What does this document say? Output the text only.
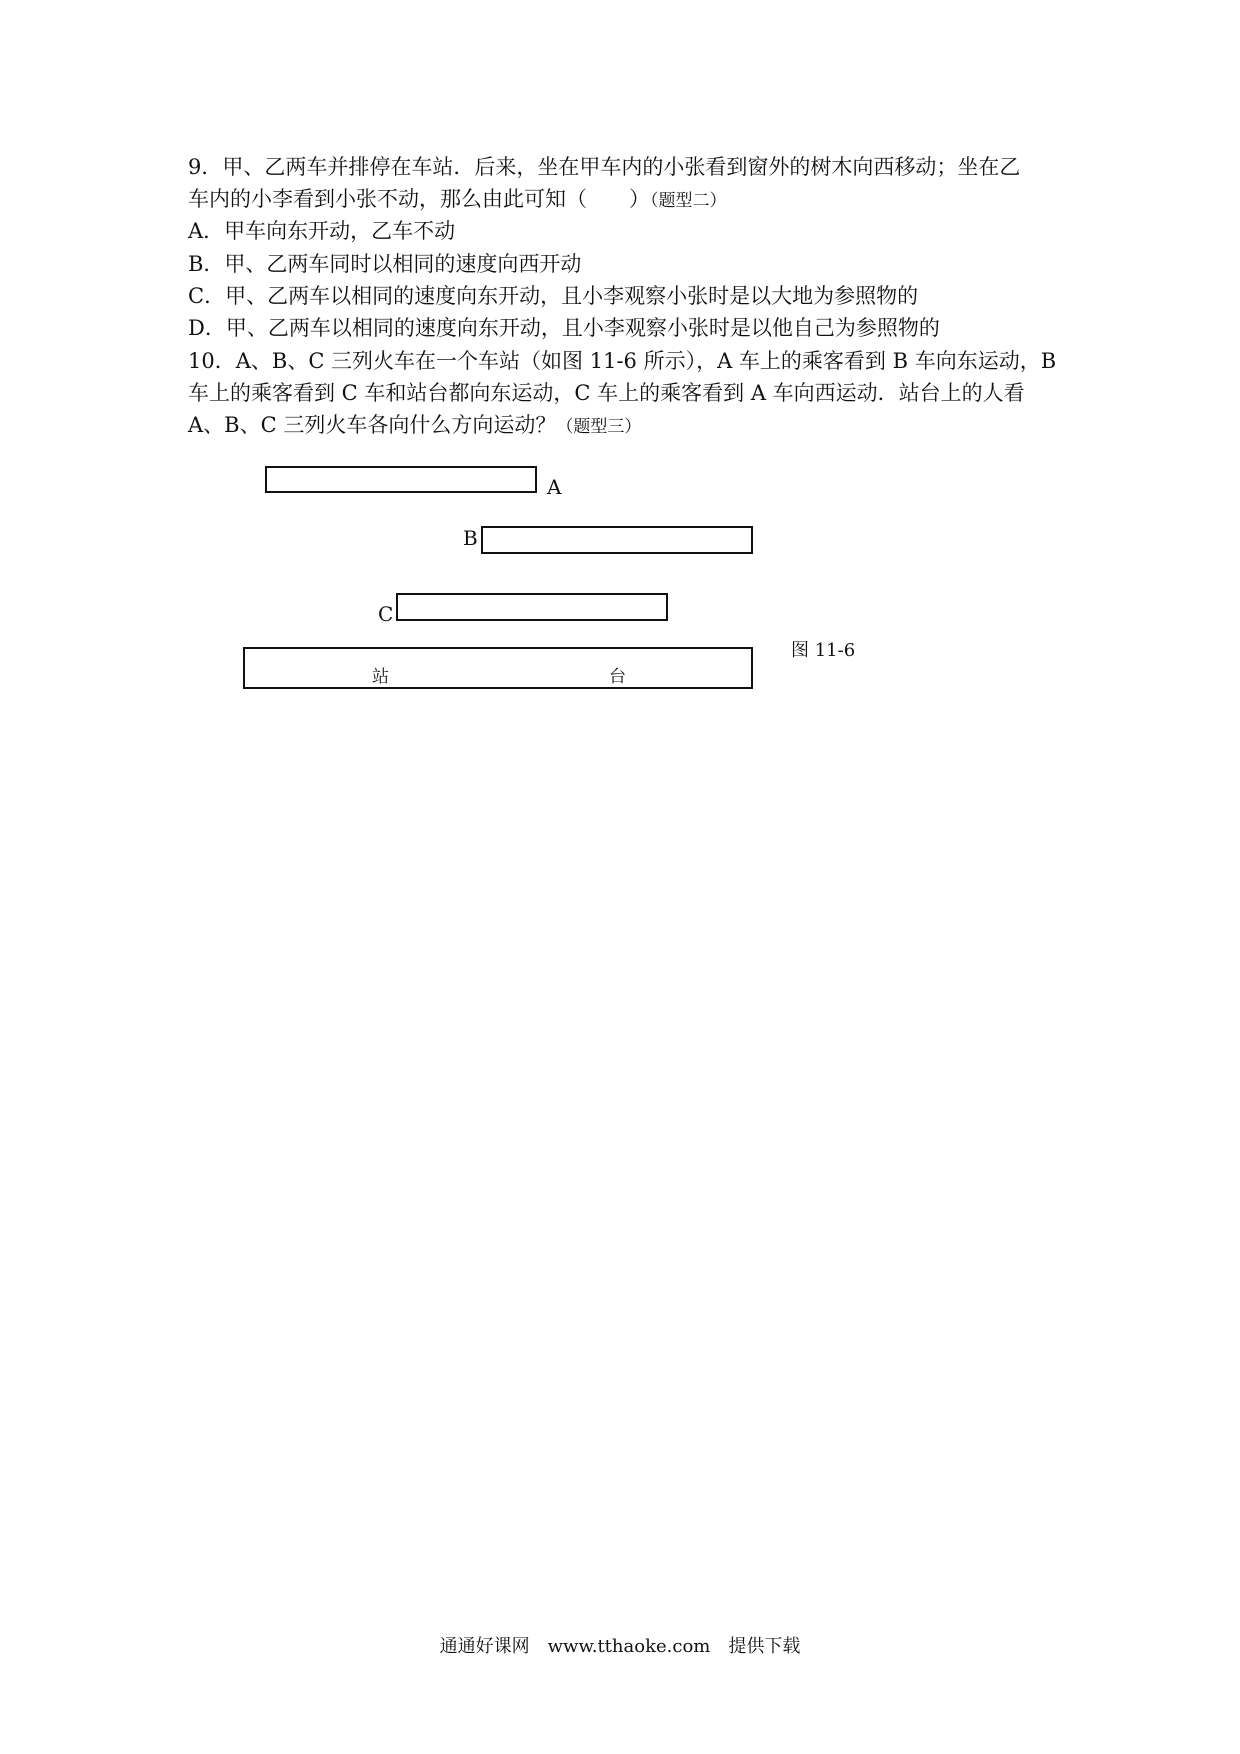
9．甲、乙两车并排停在车站．后来，坐在甲车内的小张看到窗外的树木向西移动；坐在乙
车内的小李看到小张不动，那么由此可知（　　）（题型二）
A．甲车向东开动，乙车不动
B．甲、乙两车同时以相同的速度向西开动
C．甲、乙两车以相同的速度向东开动，且小李观察小张时是以大地为参照物的
D．甲、乙两车以相同的速度向东开动，且小李观察小张时是以他自己为参照物的
10．A、B、C 三列火车在一个车站（如图 11-6 所示），A 车上的乘客看到 B 车向东运动，B
车上的乘客看到 C 车和站台都向东运动，C 车上的乘客看到 A 车向西运动．站台上的人看
A、B、C 三列火车各向什么方向运动？（题型三）
A
B
C
站	台
图 11-6
通通好课网　www.tthaoke.com　提供下载
